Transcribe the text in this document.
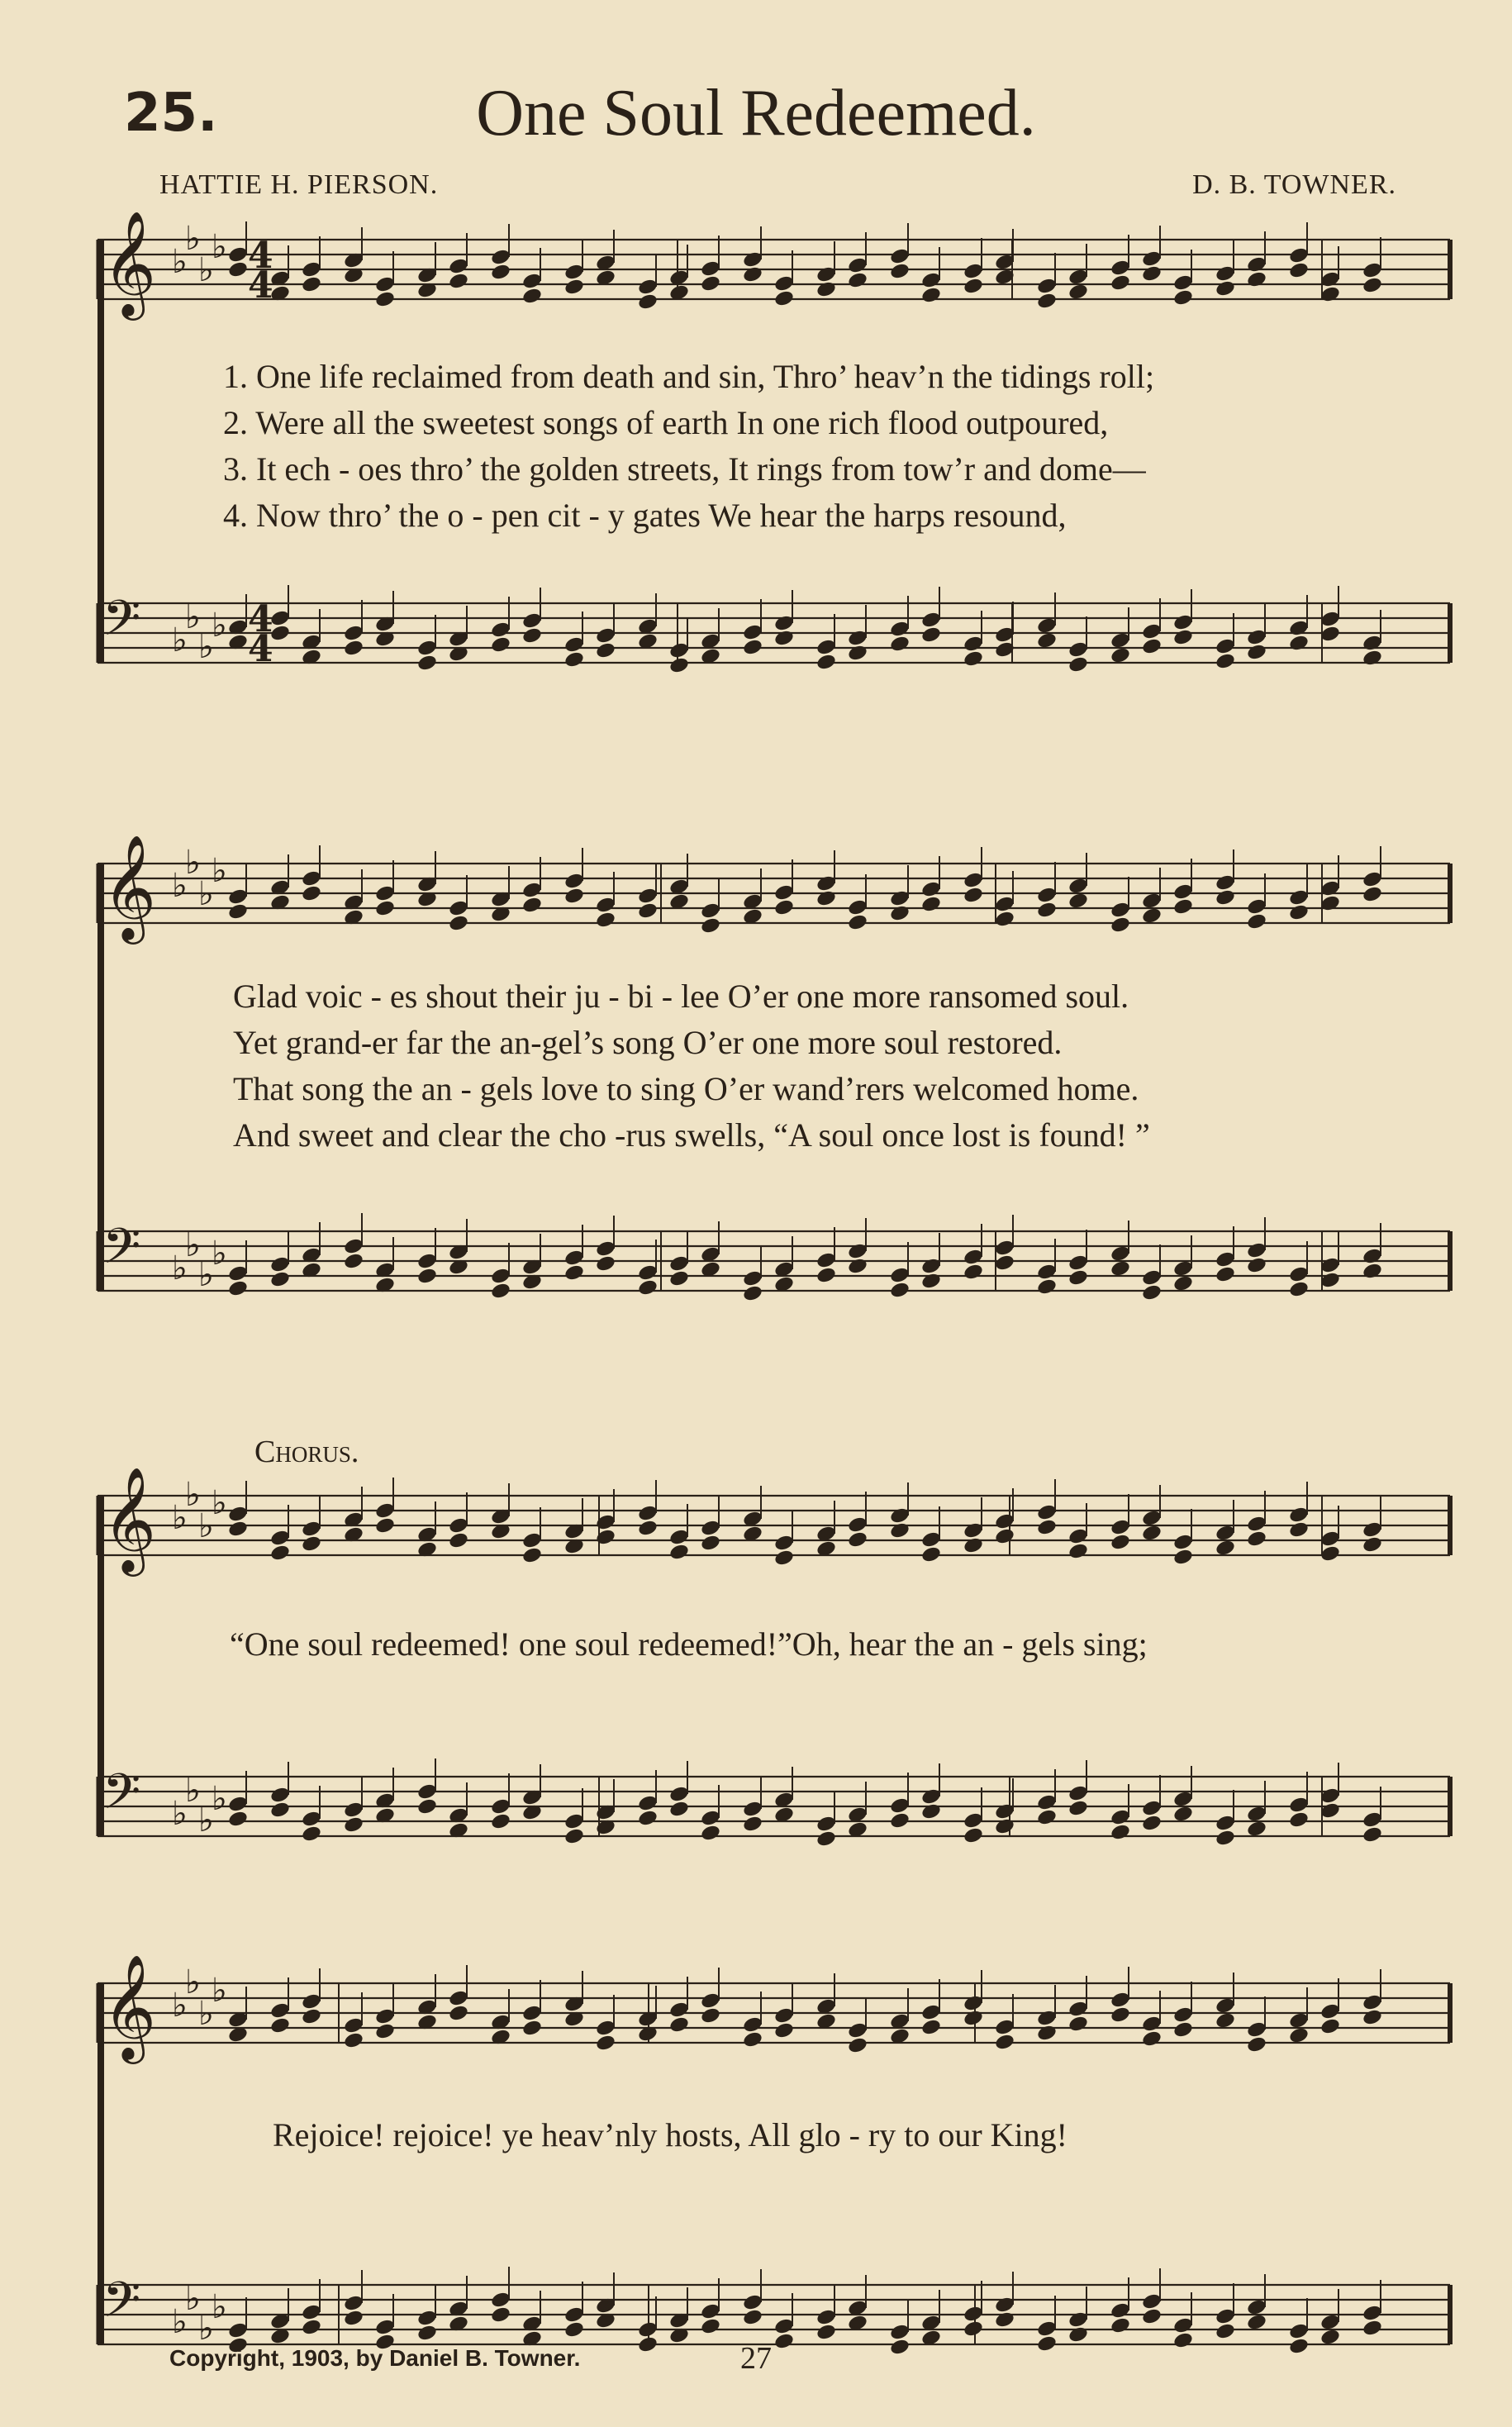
𝄞 ♭
♭
♭
♭
𝄢 ♭
♭
♭
♭
𝄞 ♭
♭
♭
♭
𝄢 ♭
♭
♭
♭
𝄞 ♭
♭
♭
♭
𝄢 ♭
♭
♭
♭
𝄞 ♭
♭
♭
♭
𝄢 ♭
♭
♭
♭
4
4
4
4
25.	One Soul Redeemed.
HATTIE H. PIERSON.	D. B. TOWNER.
1. One life reclaimed from death and sin, Thro’ heav’n the tidings roll;
2. Were all the sweetest songs of earth In one rich flood outpoured,
3. It ech - oes thro’ the golden streets, It rings from tow’r and dome—
4. Now thro’ the o - pen cit - y gates We hear the harps resound,
Glad voic - es shout their ju - bi - lee O’er one more ransomed soul.
Yet grand-er far the an-gel’s song O’er one more soul restored.
That song the an - gels love to sing O’er wand’rers welcomed home.
And sweet and clear the cho -rus swells, “A soul once lost is found! ”
Chorus.
“One soul redeemed! one soul redeemed!”Oh, hear the an - gels sing;
Rejoice! rejoice! ye heav’nly hosts, All glo - ry to our King!
Copyright, 1903, by Daniel B. Towner.	27
